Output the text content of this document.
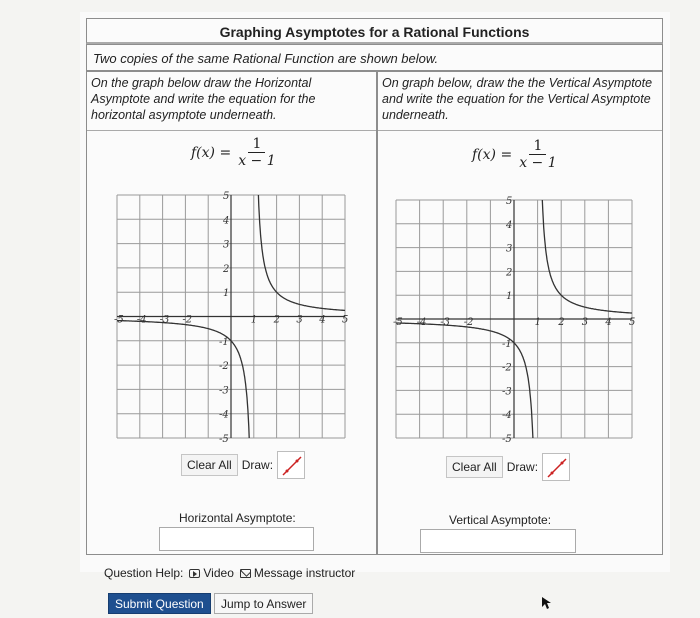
Graphing Asymptotes for a Rational Functions
Two copies of the same Rational Function are shown below.
On the graph below draw the Horizontal Asymptote and write the equation for the horizontal asymptote underneath.
$f(x) = \frac{1}{x - 1}$
-5 -4 -3 -2	1 2 3 4 5
5
4
3
2
1
-1
-2
-3
-4
-5
Clear All Draw:
Horizontal Asymptote:
On graph below, draw the the Vertical Asymptote and write the equation for the Vertical Asymptote underneath.
$f(x) = \frac{1}{x - 1}$
-5 -4 -3 -2	1 2 3 4 5
5
4
3
2
1
-1
-2
-3
-4
-5
Clear All Draw:
Vertical Asymptote:
Question Help: Video Message instructor
Submit Question	Jump to Answer
